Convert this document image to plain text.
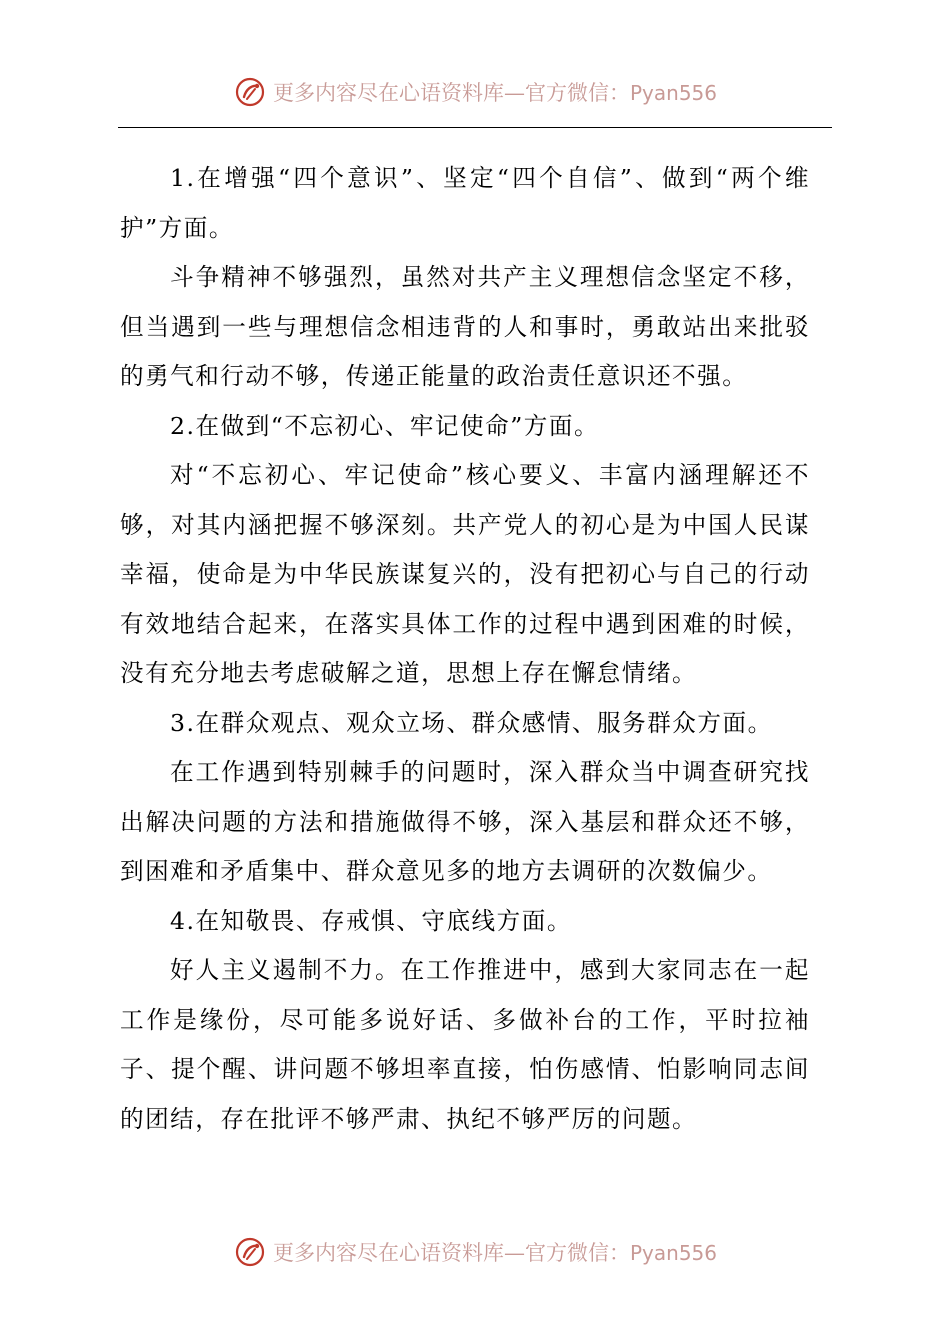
更多内容尽在心语资料库—官方微信：Pyan556

1.在增强“四个意识”、坚定“四个自信”、做到“两个维护”方面。

斗争精神不够强烈，虽然对共产主义理想信念坚定不移，但当遇到一些与理想信念相违背的人和事时，勇敢站出来批驳的勇气和行动不够，传递正能量的政治责任意识还不强。

2.在做到“不忘初心、牢记使命”方面。

对“不忘初心、牢记使命”核心要义、丰富内涵理解还不够，对其内涵把握不够深刻。共产党人的初心是为中国人民谋幸福，使命是为中华民族谋复兴的，没有把初心与自己的行动有效地结合起来，在落实具体工作的过程中遇到困难的时候，没有充分地去考虑破解之道，思想上存在懈怠情绪。

3.在群众观点、观众立场、群众感情、服务群众方面。

在工作遇到特别棘手的问题时，深入群众当中调查研究找出解决问题的方法和措施做得不够，深入基层和群众还不够，到困难和矛盾集中、群众意见多的地方去调研的次数偏少。

4.在知敬畏、存戒惧、守底线方面。

好人主义遏制不力。在工作推进中，感到大家同志在一起工作是缘份，尽可能多说好话、多做补台的工作，平时拉袖子、提个醒、讲问题不够坦率直接，怕伤感情、怕影响同志间的团结，存在批评不够严肃、执纪不够严厉的问题。

更多内容尽在心语资料库—官方微信：Pyan556
